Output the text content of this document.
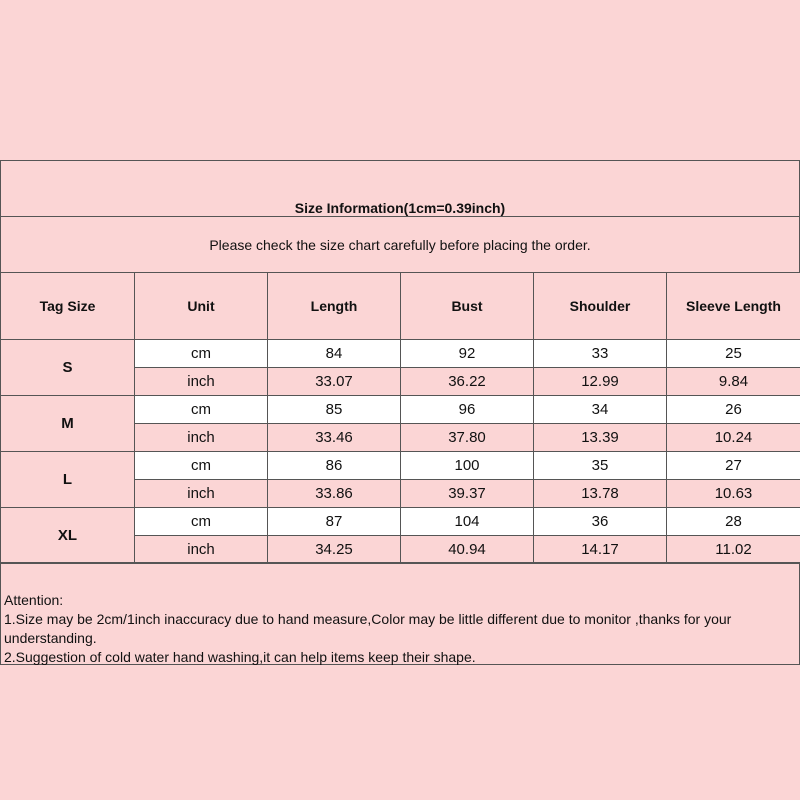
Size Information(1cm=0.39inch)
Please check the size chart carefully before placing the order.
Tag Size	Unit	Length	Bust	Shoulder	Sleeve Length
S	cm	84	92	33	25
	inch	33.07	36.22	12.99	9.84
M	cm	85	96	34	26
	inch	33.46	37.80	13.39	10.24
L	cm	86	100	35	27
	inch	33.86	39.37	13.78	10.63
XL	cm	87	104	36	28
	inch	34.25	40.94	14.17	11.02

Attention:

1.Size may be 2cm/1inch inaccuracy due to hand measure,Color may be little different due to monitor ,thanks for your understanding.

2.Suggestion of cold water hand washing,it can help items keep their shape.
